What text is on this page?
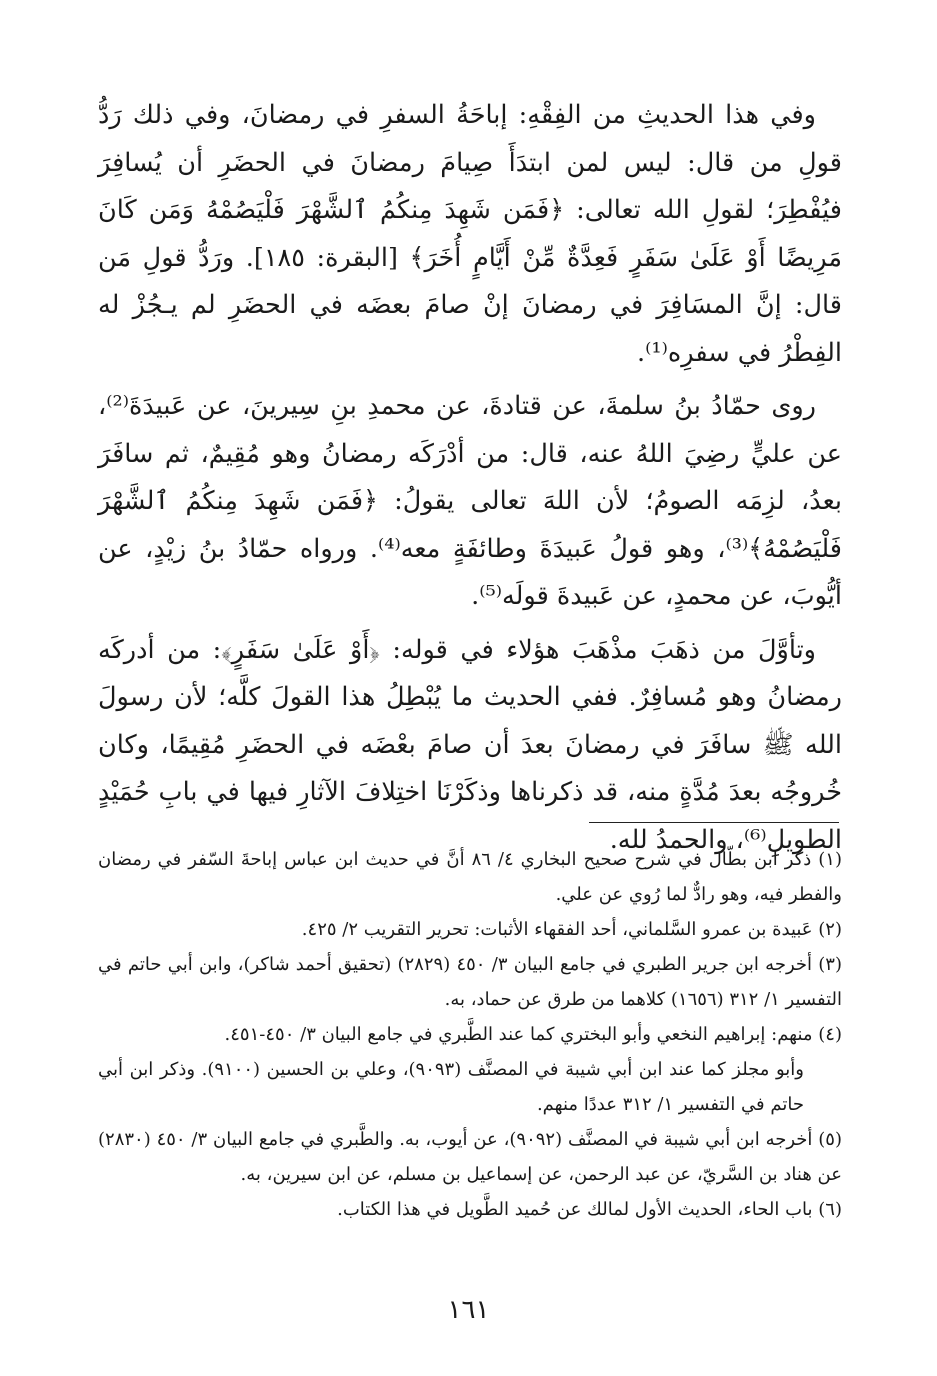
وفي هذا الحديثِ من الفِقْهِ: إباحَةُ السفرِ في رمضانَ، وفي ذلك رَدُّ قولِ من قال: ليس لمن ابتدَأَ صِيامَ رمضانَ في الحضَرِ أن يُسافِرَ فيُفْطِرَ؛ لقولِ الله تعالى: ﴿فَمَن شَهِدَ مِنكُمُ ٱلشَّهْرَ فَلْيَصُمْهُ وَمَن كَانَ مَرِيضًا أَوْ عَلَىٰ سَفَرٍ فَعِدَّةٌ مِّنْ أَيَّامٍ أُخَرَ﴾ [البقرة: ١٨٥]. ورَدُّ قولِ مَن قال: إنَّ المسَافِرَ في رمضانَ إنْ صامَ بعضَه في الحضَرِ لم يـجُزْ له الفِطْرُ في سفرِه⁽¹⁾.

روى حمّادُ بنُ سلمةَ، عن قتادةَ، عن محمدِ بنِ سِيرينَ، عن عَبيدَةَ⁽²⁾، عن عليٍّ رضِيَ اللهُ عنه، قال: من أدْرَكَه رمضانُ وهو مُقِيمٌ، ثم سافَرَ بعدُ، لزِمَه الصومُ؛ لأن اللهَ تعالى يقولُ: ﴿فَمَن شَهِدَ مِنكُمُ ٱلشَّهْرَ فَلْيَصُمْهُ﴾⁽³⁾، وهو قولُ عَبيدَةَ وطائفَةٍ معه⁽⁴⁾. ورواه حمّادُ بنُ زيْدٍ، عن أيُّوبَ، عن محمدٍ، عن عَبيدةَ قولَه⁽⁵⁾.

وتأوَّلَ من ذهَبَ مذْهَبَ هؤلاء في قوله: ﴿أَوْ عَلَىٰ سَفَرٍ﴾: من أدركَه رمضانُ وهو مُسافِرٌ. ففي الحديث ما يُبْطِلُ هذا القولَ كلَّه؛ لأن رسولَ الله ﷺ سافَرَ في رمضانَ بعدَ أن صامَ بعْضَه في الحضَرِ مُقِيمًا، وكان خُروجُه بعدَ مُدَّةٍ منه، قد ذكرناها وذكَرْنَا اختِلافَ الآثارِ فيها في بابِ حُمَيْدٍ الطويلِ⁽⁶⁾، والحمدُ لله.

(١) ذكر ابن بطّال في شرح صحيح البخاري ٤/ ٨٦ أنَّ في حديث ابن عباس إباحةَ السّفر في رمضان والفطر فيه، وهو رادٌّ لما رُوي عن علي.

(٢) عَبيدة بن عمرو السَّلماني، أحد الفقهاء الأثبات: تحرير التقريب ٢/ ٤٢٥.

(٣) أخرجه ابن جرير الطبري في جامع البيان ٣/ ٤٥٠ (٢٨٢٩) (تحقيق أحمد شاكر)، وابن أبي حاتم في التفسير ١/ ٣١٢ (١٦٥٦) كلاهما من طرق عن حماد، به.

(٤) منهم: إبراهيم النخعي وأبو البختري كما عند الطَّبري في جامع البيان ٣/ ٤٥٠-٤٥١.

وأبو مجلز كما عند ابن أبي شيبة في المصنَّف (٩٠٩٣)، وعلي بن الحسين (٩١٠٠). وذكر ابن أبي حاتم في التفسير ١/ ٣١٢ عددًا منهم.

(٥) أخرجه ابن أبي شيبة في المصنَّف (٩٠٩٢)، عن أيوب، به. والطَّبري في جامع البيان ٣/ ٤٥٠ (٢٨٣٠) عن هناد بن السَّريّ، عن عبد الرحمن، عن إسماعيل بن مسلم، عن ابن سيرين، به.

(٦) باب الحاء، الحديث الأول لمالك عن حُميد الطَّويل في هذا الكتاب.

١٦١
